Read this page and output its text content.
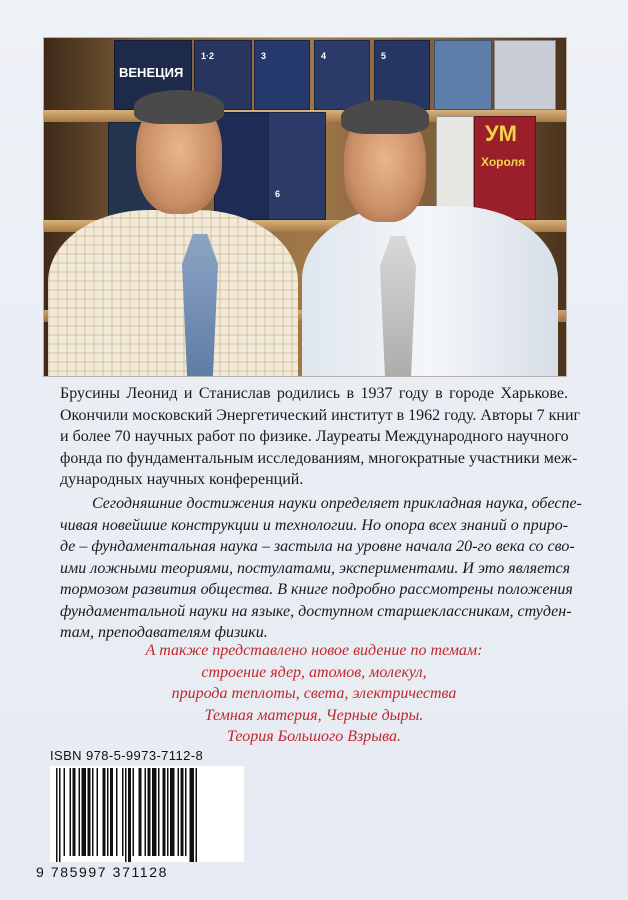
ВЕНЕЦИЯ
1·2	3	4	5
6
УМ
Хороля
Брусины Леонид и Станислав родились в 1937 году в городе Харькове.
Окончили московский Энергетический институт в 1962 году. Авторы 7 книг
и более 70 научных работ по физике. Лауреаты Международного научного
фонда по фундаментальным исследованиям, многократные участники меж-
дународных научных конференций.
Сегодняшние достижения науки определяет прикладная наука, обеспе-
чивая новейшие конструкции и технологии. Но опора всех знаний о приро-
де – фундаментальная наука – застыла на уровне начала 20-го века со сво-
ими ложными теориями, постулатами, экспериментами. И это является
тормозом развития общества. В книге подробно рассмотрены положения
фундаментальной науки на языке, доступном старшеклассникам, студен-
там, преподавателям физики.
А также представлено новое видение по темам:
строение ядер, атомов, молекул,
природа теплоты, света, электричества
Темная материя, Черные дыры.
Теория Большого Взрыва.
ISBN 978-5-9973-7112-8
9 785997 371128
